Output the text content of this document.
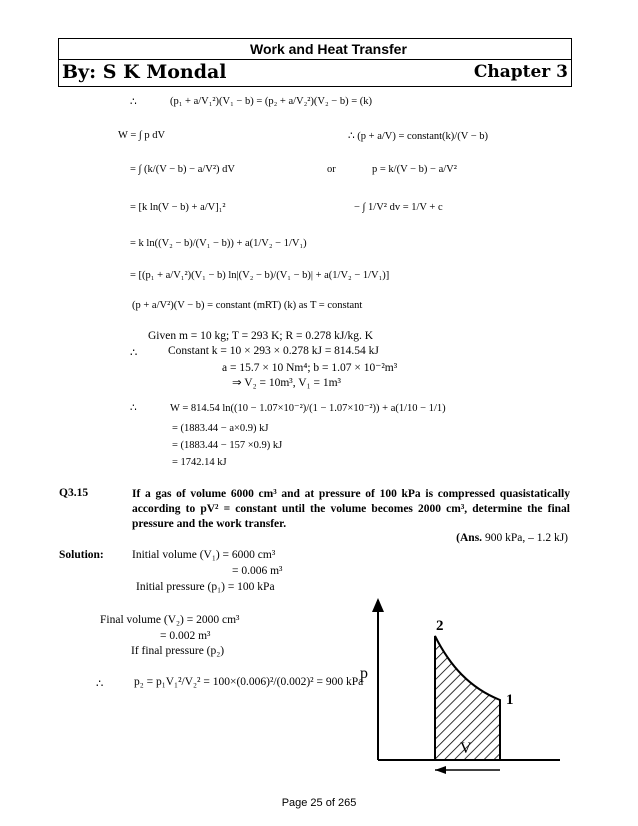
Work and Heat Transfer
By: S K Mondal	Chapter 3
∴	(p₁ + a/V₁²)(V₁ − b) = (p₂ + a/V₂²)(V₂ − b) = (k)
W = ∫ p dV	∴ (p + a/V) = constant(k)/(V − b)
= ∫ (k/(V − b) − a/V²) dV	or	p = k/(V − b) − a/V²
= [k ln(V − b) + a/V]₁²	− ∫ 1/V² dv = 1/V + c
= k ln((V₂ − b)/(V₁ − b)) + a(1/V₂ − 1/V₁)
= [(p₁ + a/V₁²)(V₁ − b) ln|(V₂ − b)/(V₁ − b)| + a(1/V₂ − 1/V₁)]
(p + a/V²)(V − b) = constant (mRT) (k) as T = constant
Given m = 10 kg; T = 293 K; R = 0.278 kJ/kg. K
∴	Constant k = 10 × 293 × 0.278 kJ = 814.54 kJ
a = 15.7 × 10 Nm⁴; b = 1.07 × 10⁻²m³
⇒ V₂ = 10m³, V₁ = 1m³
∴	W = 814.54 ln((10 − 1.07×10⁻²)/(1 − 1.07×10⁻²)) + a(1/10 − 1/1)
= (1883.44 − a×0.9) kJ
= (1883.44 − 157 ×0.9) kJ
= 1742.14 kJ
Q3.15	If a gas of volume 6000 cm³ and at pressure of 100 kPa is compressed quasistatically according to pV² = constant until the volume becomes 2000 cm³, determine the final pressure and the work transfer.
(Ans. 900 kPa, – 1.2 kJ)
Solution: Initial volume (V₁) = 6000 cm³
= 0.006 m³
Initial pressure (p₁) = 100 kPa
Final volume (V₂) = 2000 cm³
= 0.002 m³
If final pressure (p₂)
∴	p₂ = p₁V₁²/V₂² = 100×(0.006)²/(0.002)² = 900 kPa
V
p
2
1
Page 25 of 265
